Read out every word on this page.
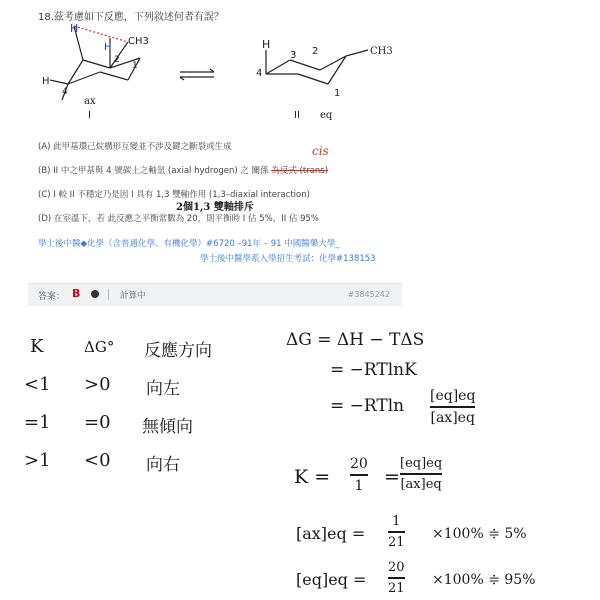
18.茲考慮如下反應，下列敘述何者有誤？
H
H
CH3
H
4
2
1
ax
I
H
4
3 2
1
CH3
II eq
(A) 此甲基環己烷構形互變並不涉及鍵之斷裂或生成	cis
(B) II 中之甲基與 4 號碳上之軸氫 (axial hydrogen) 之 關係 為反式 (trans)
(C) I 較 II 不穩定乃是因 I 具有 1,3 雙軸作用 (1,3–diaxial interaction)
2個1,3 雙軸排斥
(D) 在室溫下，若 此反應之平衡常數為 20，則平衡時 I 佔 5%，II 佔 95%
學士後中醫◆化學（含普通化學、有機化學）#6720 –91年 – 91 中國醫藥大學_
學士後中醫學系入學招生考試：化學#138153
答案： B	計算中	#3845242
K	ΔG° 反應方向
<1 >0 向左
=1 =0 無傾向
>1 <0 向右
ΔG = ΔH − TΔS
= −RTlnK
= −RTln [eq]eq
[ax]eq
K =
20
1 =
[eq]eq
[ax]eq
[ax]eq =
1
21 ×100% ≑ 5%
[eq]eq =
20
21 ×100% ≑ 95%
